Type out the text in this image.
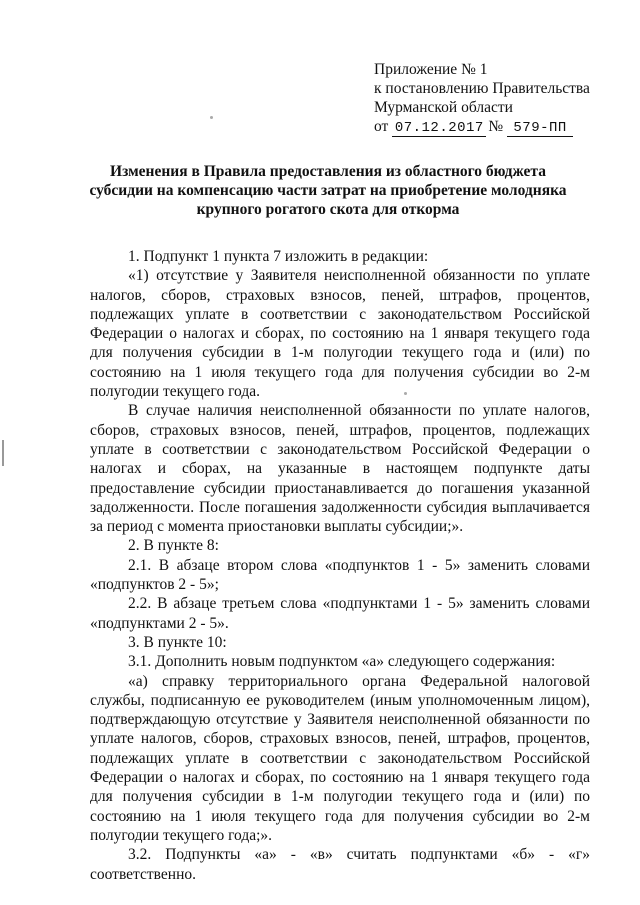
Приложение № 1
к постановлению Правительства
Мурманской области
от 07.12.2017 № 579-ПП
Изменения в Правила предоставления из областного бюджета
субсидии на компенсацию части затрат на приобретение молодняка
крупного рогатого скота для откорма

1. Подпункт 1 пункта 7 изложить в редакции:

«1) отсутствие у Заявителя неисполненной обязанности по уплате налогов, сборов, страховых взносов, пеней, штрафов, процентов, подлежащих уплате в соответствии с законодательством Российской Федерации о налогах и сборах, по состоянию на 1 января текущего года для получения субсидии в 1-м полугодии текущего года и (или) по состоянию на 1 июля текущего года для получения субсидии во 2-м полугодии текущего года.

В случае наличия неисполненной обязанности по уплате налогов, сборов, страховых взносов, пеней, штрафов, процентов, подлежащих уплате в соответствии с законодательством Российской Федерации о налогах и сборах, на указанные в настоящем подпункте даты предоставление субсидии приостанавливается до погашения указанной задолженности. После погашения задолженности субсидия выплачивается за период с момента приостановки выплаты субсидии;».

2. В пункте 8:

2.1. В абзаце втором слова «подпунктов 1 - 5» заменить словами «подпунктов 2 - 5»;

2.2. В абзаце третьем слова «подпунктами 1 - 5» заменить словами «подпунктами 2 - 5».

3. В пункте 10:

3.1. Дополнить новым подпунктом «а» следующего содержания:

«а) справку территориального органа Федеральной налоговой службы, подписанную ее руководителем (иным уполномоченным лицом), подтверждающую отсутствие у Заявителя неисполненной обязанности по уплате налогов, сборов, страховых взносов, пеней, штрафов, процентов, подлежащих уплате в соответствии с законодательством Российской Федерации о налогах и сборах, по состоянию на 1 января текущего года для получения субсидии в 1-м полугодии текущего года и (или) по состоянию на 1 июля текущего года для получения субсидии во 2-м полугодии текущего года;».

3.2. Подпункты «а» - «в» считать подпунктами «б» - «г» соответственно.
